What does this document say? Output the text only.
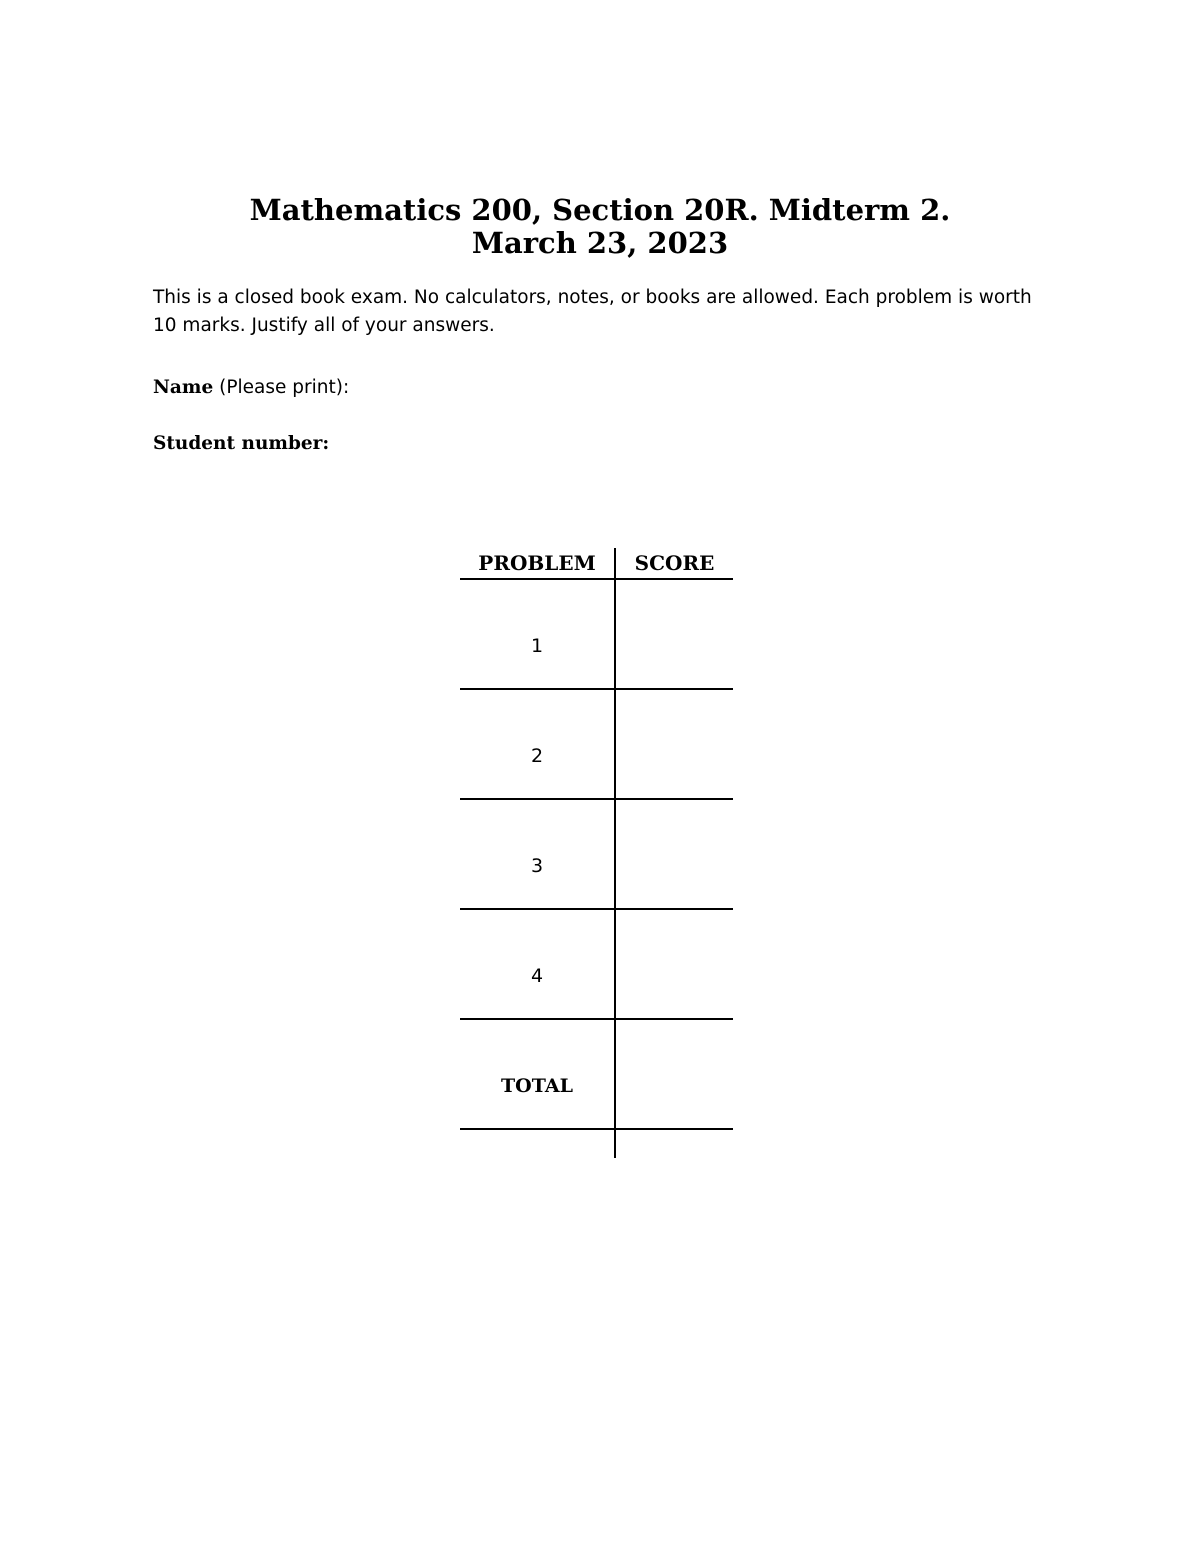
Mathematics 200, Section 20R. Midterm 2.
March 23, 2023

This is a closed book exam. No calculators, notes, or books are allowed. Each problem is worth 10 marks. Justify all of your answers.

Name (Please print):
Student number:
PROBLEM	SCORE
1
2
3
4
TOTAL
